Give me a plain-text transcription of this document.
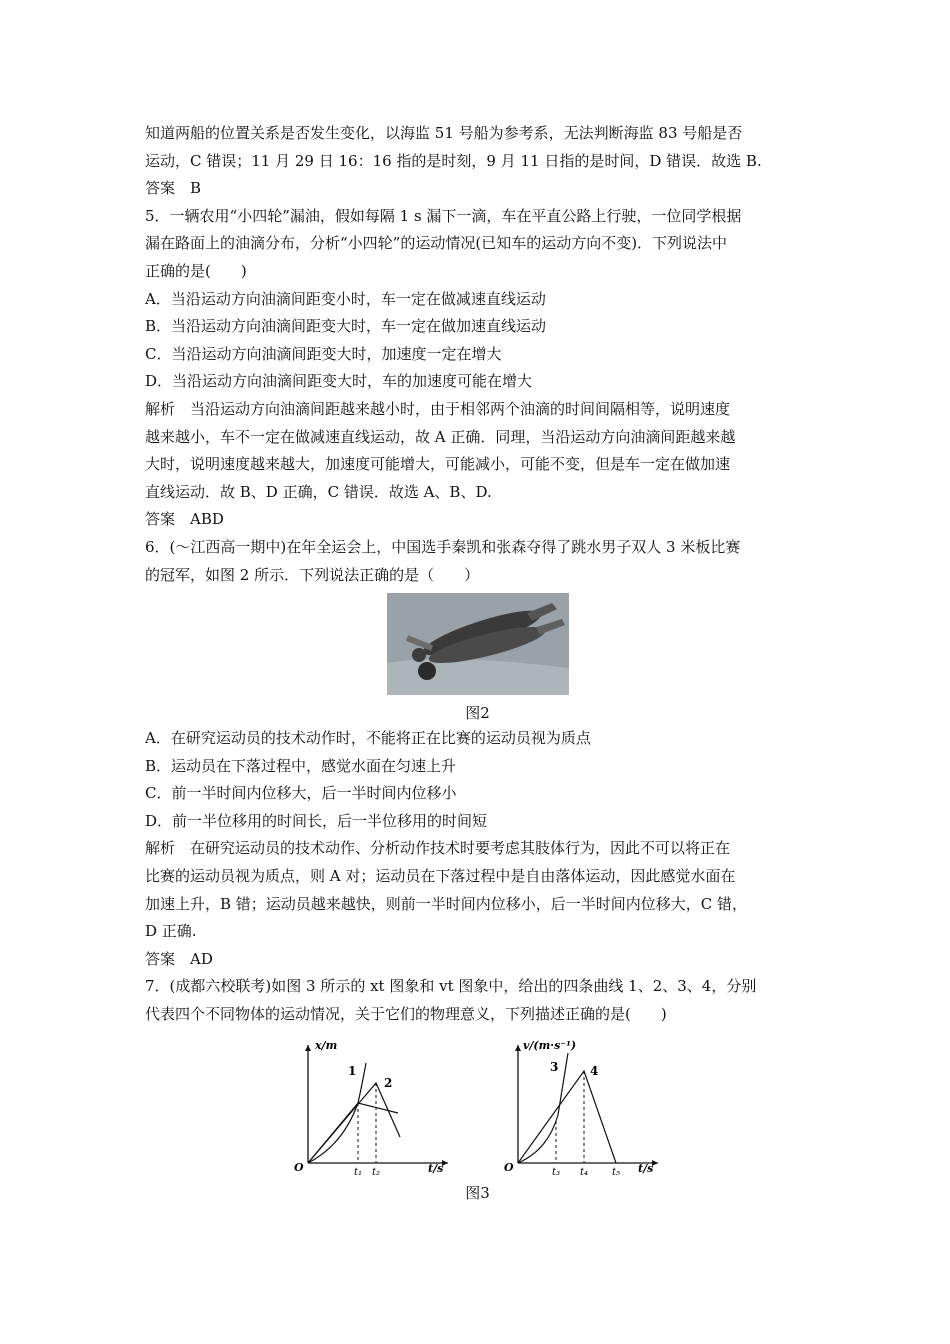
知道两船的位置关系是否发生变化，以海监 51 号船为参考系，无法判断海监 83 号船是否
运动，C 错误；11 月 29 日 16：16 指的是时刻，9 月 11 日指的是时间，D 错误．故选 B.
答案　B
5．一辆农用“小四轮”漏油，假如每隔 1 s 漏下一滴，车在平直公路上行驶，一位同学根据
漏在路面上的油滴分布，分析“小四轮”的运动情况(已知车的运动方向不变)．下列说法中
正确的是(　　)
A．当沿运动方向油滴间距变小时，车一定在做减速直线运动
B．当沿运动方向油滴间距变大时，车一定在做加速直线运动
C．当沿运动方向油滴间距变大时，加速度一定在增大
D．当沿运动方向油滴间距变大时，车的加速度可能在增大
解析　当沿运动方向油滴间距越来越小时，由于相邻两个油滴的时间间隔相等，说明速度
越来越小，车不一定在做减速直线运动，故 A 正确．同理，当沿运动方向油滴间距越来越
大时，说明速度越来越大，加速度可能增大，可能减小，可能不变，但是车一定在做加速
直线运动．故 B、D 正确，C 错误．故选 A、B、D.
答案　ABD
6．(～江西高一期中)在年全运会上，中国选手秦凯和张森夺得了跳水男子双人 3 米板比赛
的冠军，如图 2 所示．下列说法正确的是（　　）
图2
A．在研究运动员的技术动作时，不能将正在比赛的运动员视为质点
B．运动员在下落过程中，感觉水面在匀速上升
C．前一半时间内位移大，后一半时间内位移小
D．前一半位移用的时间长，后一半位移用的时间短
解析　在研究运动员的技术动作、分析动作技术时要考虑其肢体行为，因此不可以将正在
比赛的运动员视为质点，则 A 对；运动员在下落过程中是自由落体运动，因此感觉水面在
加速上升，B 错；运动员越来越快，则前一半时间内位移小，后一半时间内位移大，C 错，
D 正确.
答案　AD
7．(成都六校联考)如图 3 所示的 xt 图象和 vt 图象中，给出的四条曲线 1、2、3、4，分别
代表四个不同物体的运动情况，关于它们的物理意义，下列描述正确的是(　　)
x/m
t/s
O
1
2
t₁ t₂
v/(m·s⁻¹)
t/s
O
3	4
t₃ t₄ t₅
图3
